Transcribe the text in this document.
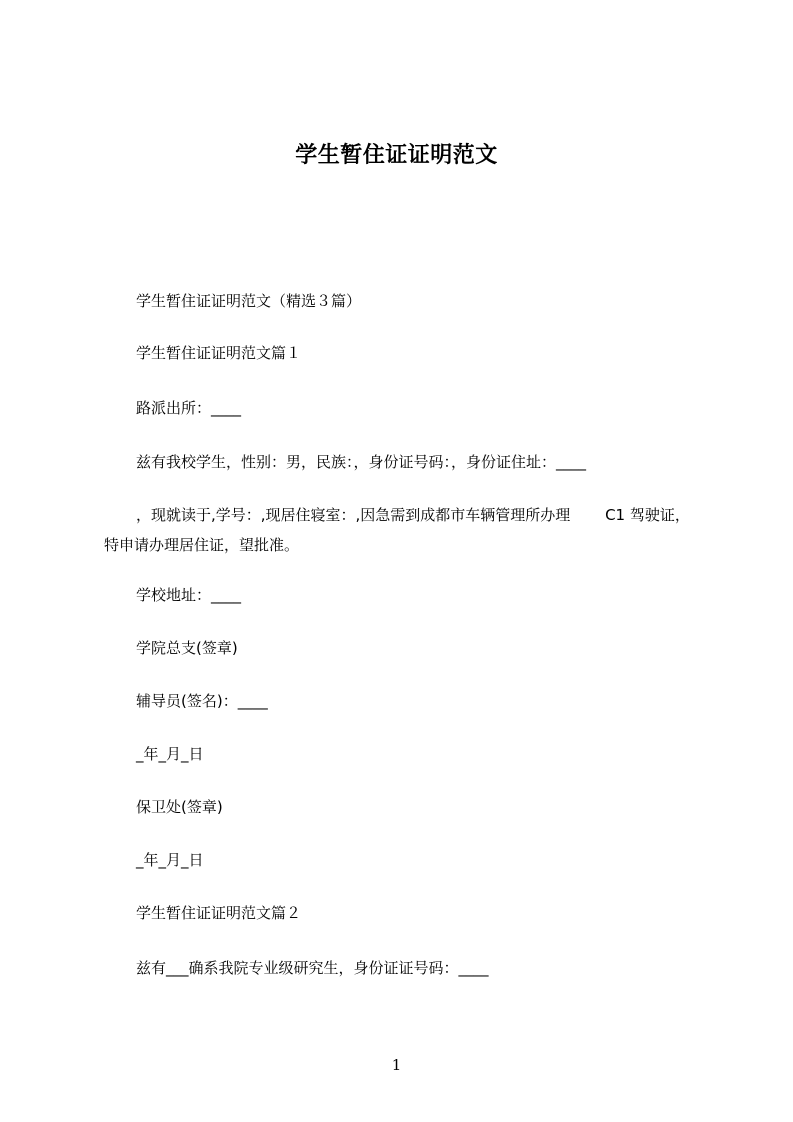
学生暂住证证明范文

学生暂住证证明范文（精选３篇）

学生暂住证证明范文篇１

路派出所：____

兹有我校学生，性别：男，民族：，身份证号码：，身份证住址：____

，现就读于,学号：,现居住寝室：,因急需到成都市车辆管理所办理　　 C1 驾驶证，
特申请办理居住证，望批准。

学校地址：____

学院总支(签章)

辅导员(签名)：____

_年_月_日

保卫处(签章)

_年_月_日

学生暂住证证明范文篇２

兹有___确系我院专业级研究生，身份证证号码：____

1
